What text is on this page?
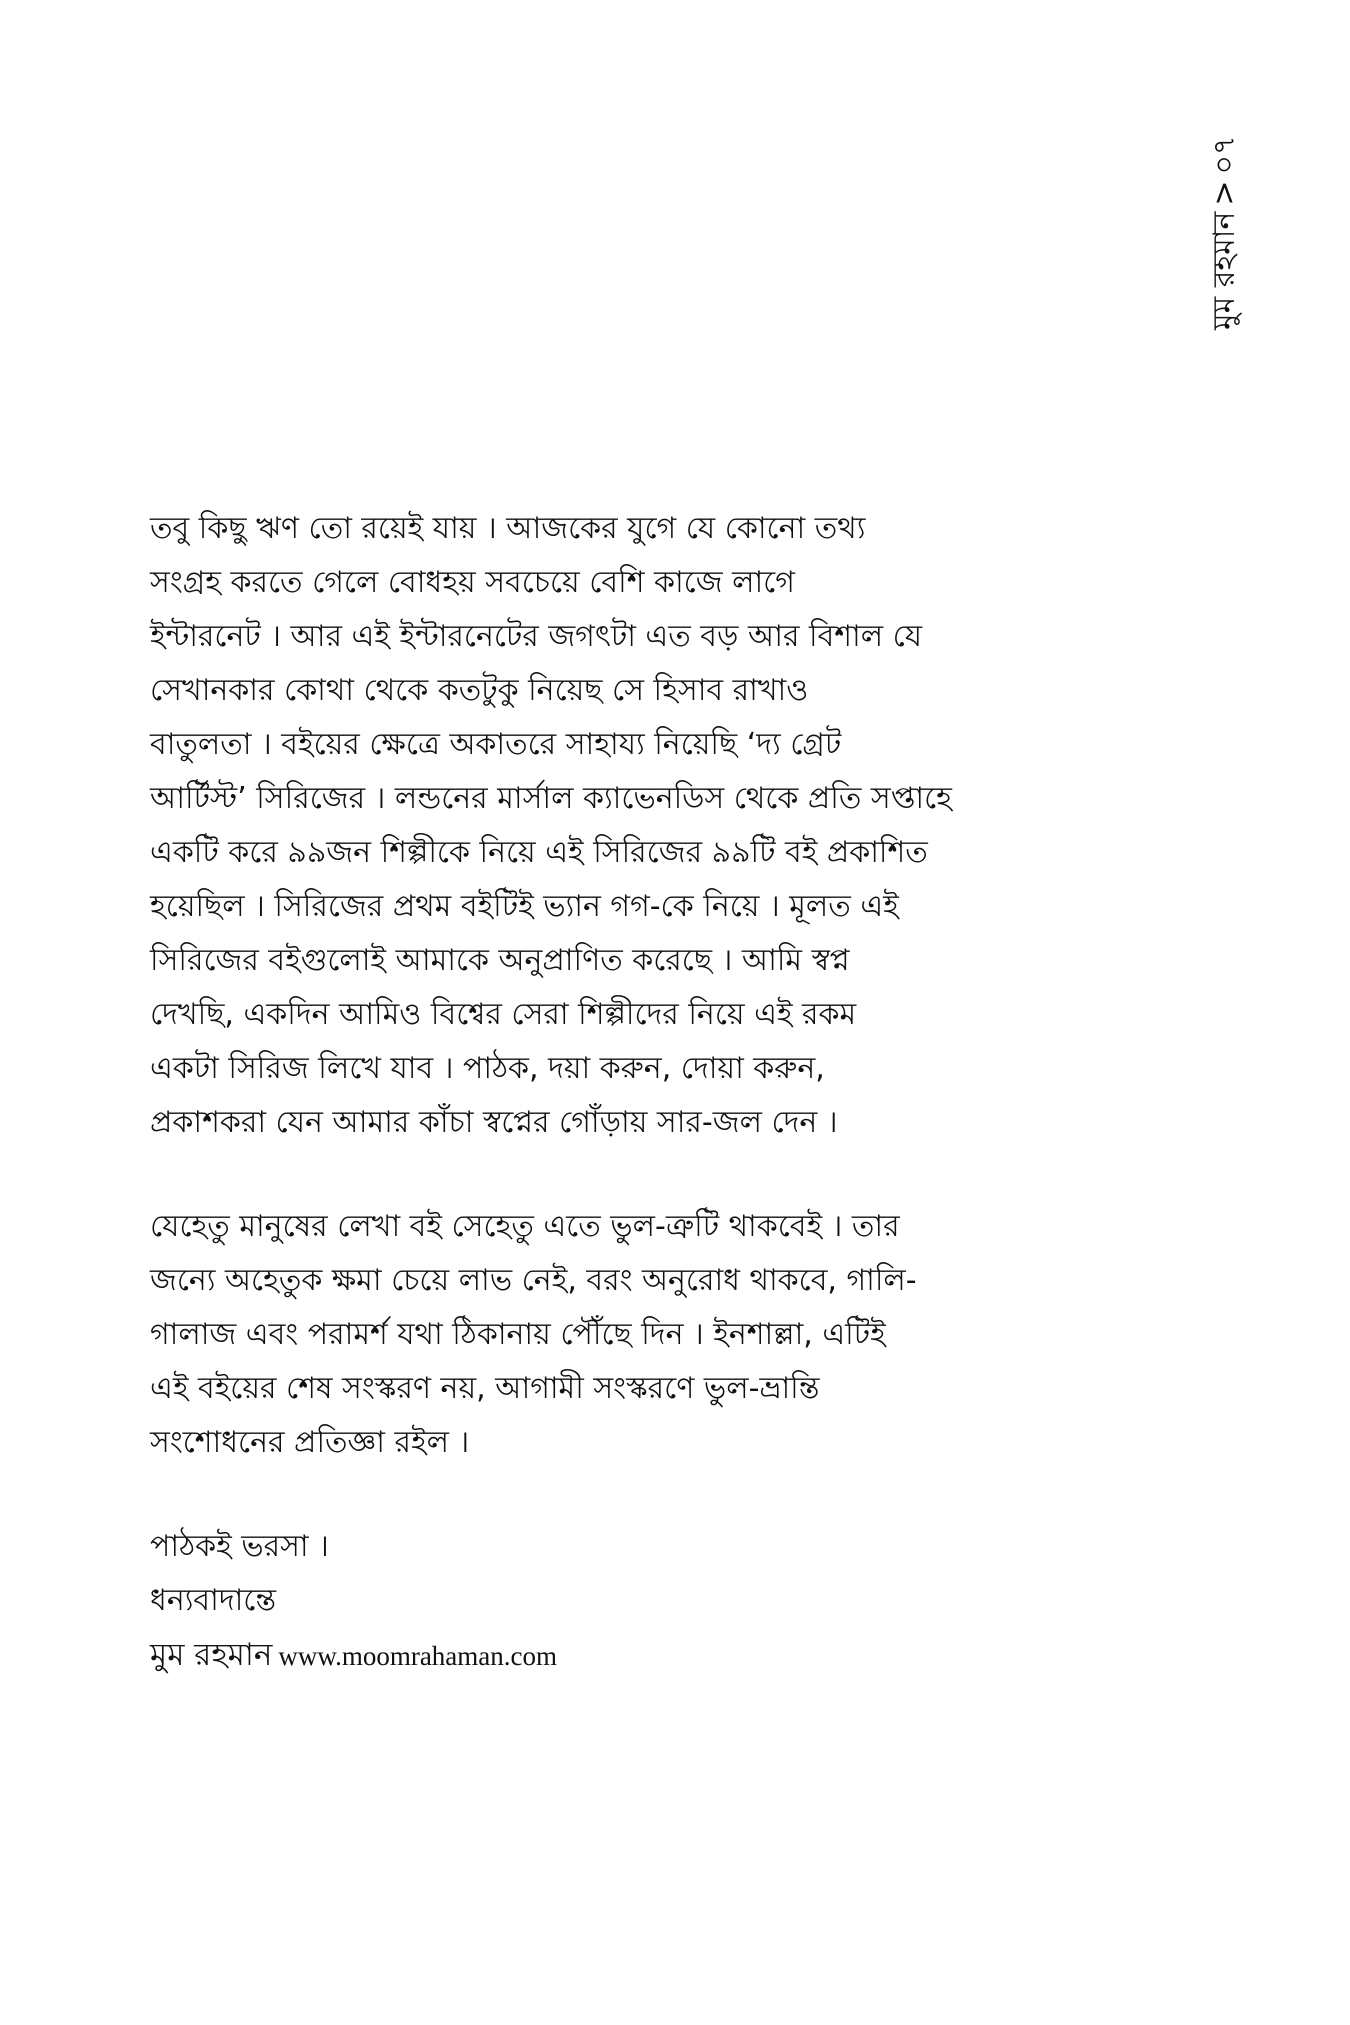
মুম রহমান>০৭
তবু কিছু ঋণ তো রয়েই যায় । আজকের যুগে যে কোনো তথ্য
সংগ্রহ করতে গেলে বোধহয় সবচেয়ে বেশি কাজে লাগে
ইন্টারনেট । আর এই ইন্টারনেটের জগৎটা এত বড় আর বিশাল যে
সেখানকার কোথা থেকে কতটুকু নিয়েছ সে হিসাব রাখাও
বাতুলতা । বইয়ের ক্ষেত্রে অকাতরে সাহায্য নিয়েছি ‘দ্য গ্রেট
আর্টিস্ট’ সিরিজের । লন্ডনের মার্সাল ক্যাভেনডিস থেকে প্রতি সপ্তাহে
একটি করে ৯৯জন শিল্পীকে নিয়ে এই সিরিজের ৯৯টি বই প্রকাশিত
হয়েছিল । সিরিজের প্রথম বইটিই ভ্যান গগ-কে নিয়ে । মূলত এই
সিরিজের বইগুলোই আমাকে অনুপ্রাণিত করেছে । আমি স্বপ্ন
দেখছি, একদিন আমিও বিশ্বের সেরা শিল্পীদের নিয়ে এই রকম
একটা সিরিজ লিখে যাব । পাঠক, দয়া করুন, দোয়া করুন,
প্রকাশকরা যেন আমার কাঁচা স্বপ্নের গোঁড়ায় সার-জল দেন ।
যেহেতু মানুষের লেখা বই সেহেতু এতে ভুল-ত্রুটি থাকবেই । তার
জন্যে অহেতুক ক্ষমা চেয়ে লাভ নেই, বরং অনুরোধ থাকবে, গালি-
গালাজ এবং পরামর্শ যথা ঠিকানায় পৌঁছে দিন । ইনশাল্লা, এটিই
এই বইয়ের শেষ সংস্করণ নয়, আগামী সংস্করণে ভুল-ভ্রান্তি
সংশোধনের প্রতিজ্ঞা রইল ।
পাঠকই ভরসা ।
ধন্যবাদান্তে
মুম রহমান www.moomrahaman.com
